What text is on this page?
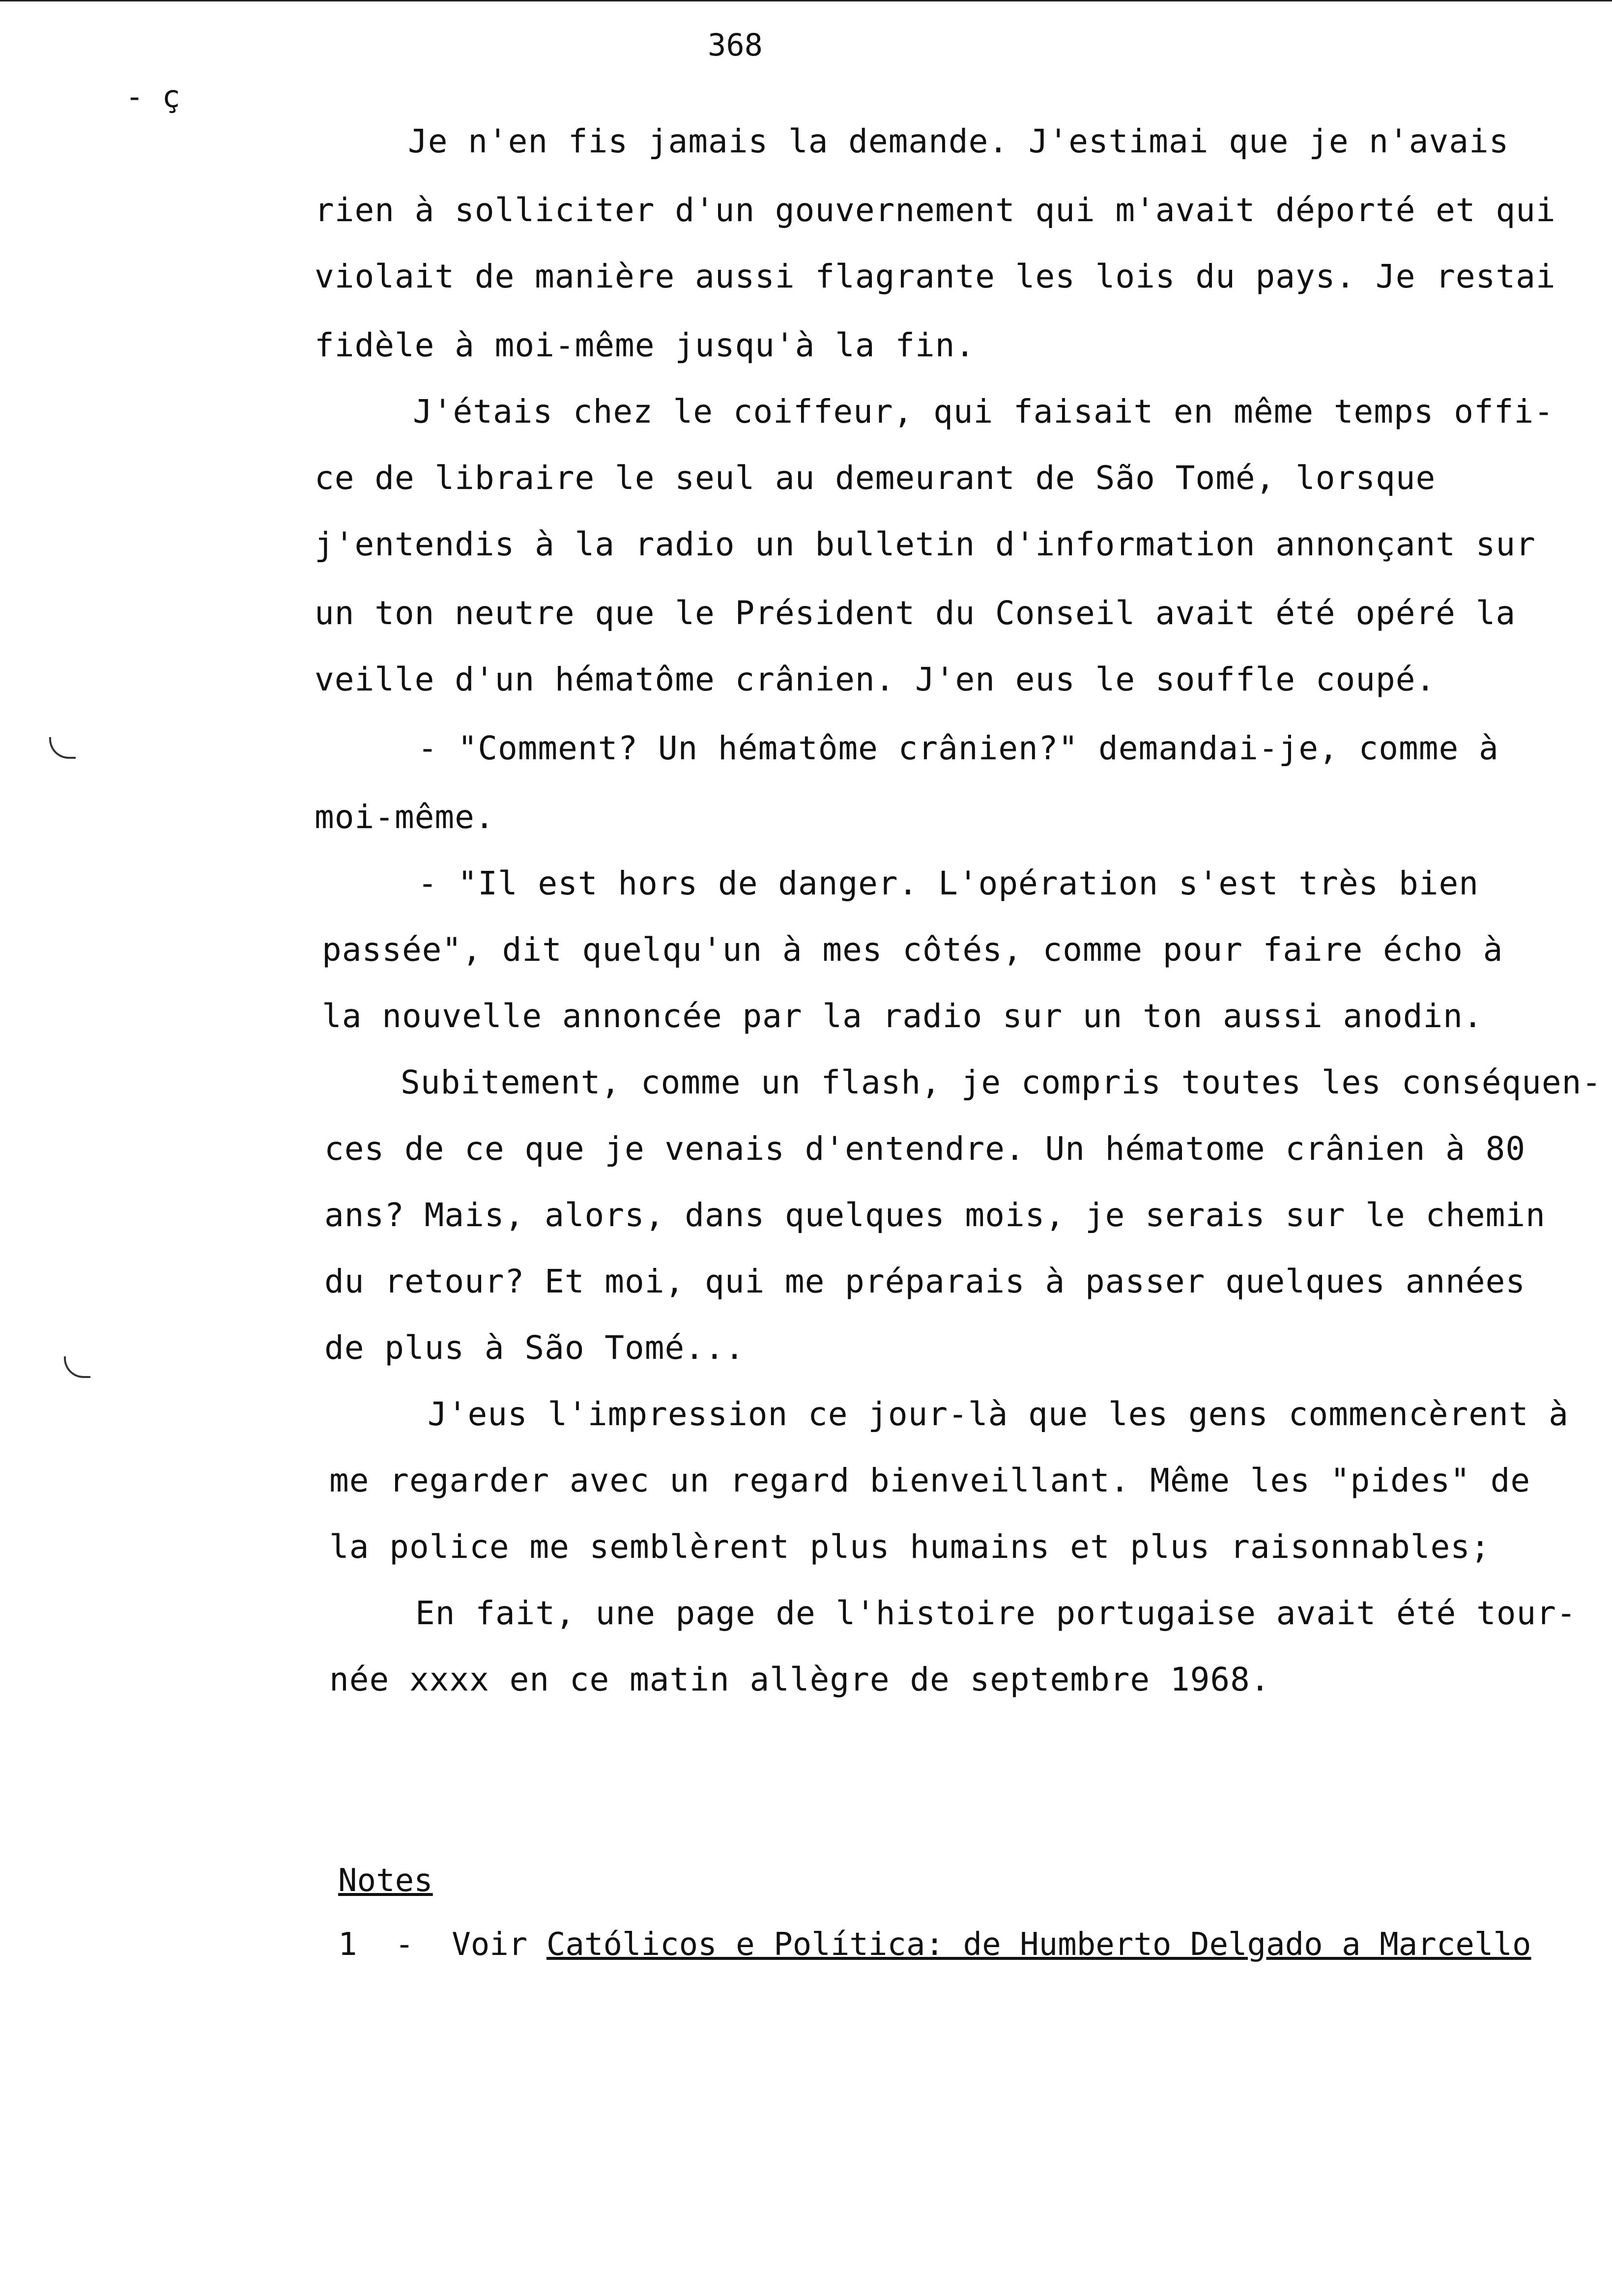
368
- ç
Je n'en fis jamais la demande. J'estimai que je n'avais
rien à solliciter d'un gouvernement qui m'avait déporté et qui
violait de manière aussi flagrante les lois du pays. Je restai
fidèle à moi-même jusqu'à la fin.
J'étais chez le coiffeur, qui faisait en même temps offi-
ce de libraire le seul au demeurant de São Tomé, lorsque
j'entendis à la radio un bulletin d'information annonçant sur
un ton neutre que le Président du Conseil avait été opéré la
veille d'un hématôme crânien. J'en eus le souffle coupé.
- "Comment? Un hématôme crânien?" demandai-je, comme à
moi-même.
- "Il est hors de danger. L'opération s'est très bien
passée", dit quelqu'un à mes côtés, comme pour faire écho à
la nouvelle annoncée par la radio sur un ton aussi anodin.
Subitement, comme un flash, je compris toutes les conséquen-
ces de ce que je venais d'entendre. Un hématome crânien à 80
ans? Mais, alors, dans quelques mois, je serais sur le chemin
du retour? Et moi, qui me préparais à passer quelques années
de plus à São Tomé...
J'eus l'impression ce jour-là que les gens commencèrent à
me regarder avec un regard bienveillant. Même les "pides" de
la police me semblèrent plus humains et plus raisonnables;
En fait, une page de l'histoire portugaise avait été tour-
née xxxx en ce matin allègre de septembre 1968.
Notes
1 - Voir Católicos e Política: de Humberto Delgado a Marcello
